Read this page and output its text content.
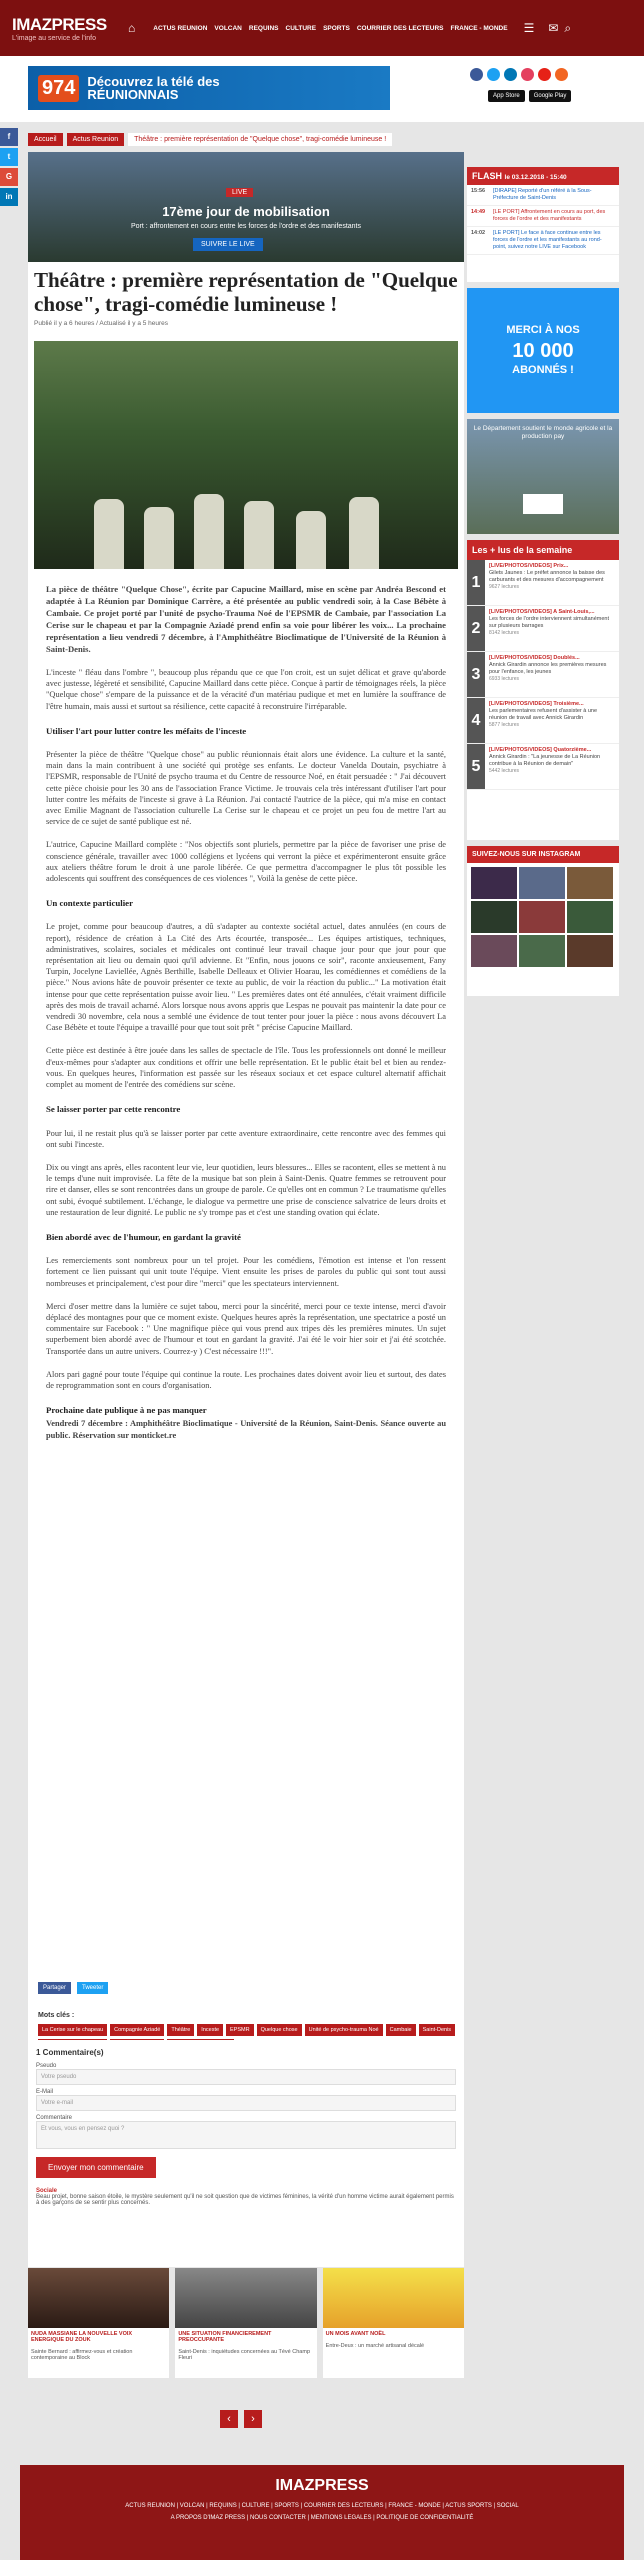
IMAZPRESS
L'image au service de l'info
⌂	ACTUS REUNION VOLCAN REQUINS CULTURE SPORTS COURRIER DES LECTEURS FRANCE - MONDE ☰ ✉ ⌕
974 Découvrez la télé des
RÉUNIONNAIS	App Store	Google Play
f
t
G
in
Accueil	Actus Reunion	Théâtre : première représentation de "Quelque chose", tragi-comédie lumineuse !
LIVE
17ème jour de mobilisation
Port : affrontement en cours entre les forces de l'ordre et des manifestants
SUIVRE LE LIVE
Théâtre : première représentation de "Quelque chose", tragi-comédie lumineuse !
Publié il y a 6 heures / Actualisé il y a 5 heures
La pièce de théâtre "Quelque Chose", écrite par Capucine Maillard, mise en scène par Andréa Bescond et adaptée à La Réunion par Dominique Carrère, a été présentée au public vendredi soir, à la Case Bébète à Cambaie. Ce projet porté par l'unité de psycho-Trauma Noé de l'EPSMR de Cambaie, par l'association La Cerise sur le chapeau et par la Compagnie Aziadé prend enfin sa voie pour libérer les voix... La prochaine représentation a lieu vendredi 7 décembre, à l'Amphithéâtre Bioclimatique de l'Université de la Réunion à Saint-Denis.

L'inceste " fléau dans l'ombre ", beaucoup plus répandu que ce que l'on croit, est un sujet délicat et grave qu'aborde avec justesse, légèreté et sensibilité, Capucine Maillard dans cette pièce. Conçue à partir de témoignages réels, la pièce "Quelque chose" s'empare de la puissance et de la véracité d'un matériau pudique et met en lumière la souffrance de l'être humain, mais aussi et surtout sa résilience, cette capacité à reconstruire l'irréparable.

Utiliser l'art pour lutter contre les méfaits de l'inceste

Présenter la pièce de théâtre "Quelque chose" au public réunionnais était alors une évidence. La culture et la santé, main dans la main contribuent à une société qui protège ses enfants. Le docteur Vanelda Doutain, psychiatre à l'EPSMR, responsable de l'Unité de psycho trauma et du Centre de ressource Noé, en était persuadée : " J'ai découvert cette pièce choisie pour les 30 ans de l'association France Victime. Je trouvais cela très intéressant d'utiliser l'art pour lutter contre les méfaits de l'inceste si grave à La Réunion. J'ai contacté l'autrice de la pièce, qui m'a mise en contact avec Emilie Magnant de l'association culturelle La Cerise sur le chapeau et ce projet un peu fou de mettre l'art au service de ce sujet de santé publique est né.

L'autrice, Capucine Maillard complète : "Nos objectifs sont pluriels, permettre par la pièce de favoriser une prise de conscience générale, travailler avec 1000 collégiens et lycéens qui verront la pièce et expérimenteront ensuite grâce aux ateliers théâtre forum le droit à une parole libérée. Ce que permettra d'accompagner le plus tôt possible les adolescents qui souffrent des conséquences de ces violences ", Voilà la genèse de cette pièce.

Un contexte particulier

Le projet, comme pour beaucoup d'autres, a dû s'adapter au contexte sociétal actuel, dates annulées (en cours de report), résidence de création à La Cité des Arts écourtée, transposée... Les équipes artistiques, techniques, administratives, scolaires, sociales et médicales ont continué leur travail chaque jour pour que jour pour que représentation ait lieu ou demain quoi qu'il advienne. Et "Enfin, nous jouons ce soir", raconte anxieusement, Fany Turpin, Jocelyne Laviellée, Agnès Berthille, Isabelle Delleaux et Olivier Hoarau, les comédiennes et comédiens de la pièce." Nous avions hâte de pouvoir présenter ce texte au public, de voir la réaction du public..." La motivation était intense pour que cette représentation puisse avoir lieu. " Les premières dates ont été annulées, c'était vraiment difficile après des mois de travail acharné. Alors lorsque nous avons appris que Lespas ne pouvait pas maintenir la date pour ce vendredi 30 novembre, cela nous a semblé une évidence de tout tenter pour jouer la pièce : nous avons découvert La Case Bébète et toute l'équipe a travaillé pour que tout soit prêt " précise Capucine Maillard.

Cette pièce est destinée à être jouée dans les salles de spectacle de l'île. Tous les professionnels ont donné le meilleur d'eux-mêmes pour s'adapter aux conditions et offrir une belle représentation. Et le public était bel et bien au rendez-vous. En quelques heures, l'information est passée sur les réseaux sociaux et cet espace culturel alternatif affichait complet au moment de l'entrée des comédiens sur scène.

Se laisser porter par cette rencontre

Pour lui, il ne restait plus qu'à se laisser porter par cette aventure extraordinaire, cette rencontre avec des femmes qui ont subi l'inceste.

Dix ou vingt ans après, elles racontent leur vie, leur quotidien, leurs blessures... Elles se racontent, elles se mettent à nu le temps d'une nuit improvisée. La fête de la musique bat son plein à Saint-Denis. Quatre femmes se retrouvent pour rire et danser, elles se sont rencontrées dans un groupe de parole. Ce qu'elles ont en commun ? Le traumatisme qu'elles ont subi, évoqué subtilement. L'échange, le dialogue va permettre une prise de conscience salvatrice de leurs droits et une restauration de leur dignité. Le public ne s'y trompe pas et c'est une standing ovation qui éclate.

Bien abordé avec de l'humour, en gardant la gravité

Les remerciements sont nombreux pour un tel projet. Pour les comédiens, l'émotion est intense et l'on ressent fortement ce lien puissant qui unit toute l'équipe. Vient ensuite les prises de paroles du public qui sont tout aussi nombreuses et principalement, c'est pour dire "merci" que les spectateurs interviennent.

Merci d'oser mettre dans la lumière ce sujet tabou, merci pour la sincérité, merci pour ce texte intense, merci d'avoir déplacé des montagnes pour que ce moment existe. Quelques heures après la représentation, une spectatrice a posté un commentaire sur Facebook : " Une magnifique pièce qui vous prend aux tripes dès les premières minutes. Un sujet superbement bien abordé avec de l'humour et tout en gardant la gravité. J'ai été le voir hier soir et j'ai été scotchée. Transportée dans un autre univers. Courrez-y ) C'est nécessaire !!!".

Alors pari gagné pour toute l'équipe qui continue la route. Les prochaines dates doivent avoir lieu et surtout, des dates de reprogrammation sont en cours d'organisation.

Prochaine date publique à ne pas manquer

Vendredi 7 décembre : Amphithéâtre Bioclimatique - Université de la Réunion, Saint-Denis. Séance ouverte au public. Réservation sur monticket.re

Partager	Tweeter
Mots clés :
La Cerise sur le chapeau	Compagnie Aziadé	Théâtre	Inceste	EPSMR	Quelque chose	Unité de psycho-trauma Noé	Cambaie	Saint-Denis
1 Commentaire(s)
Pseudo
Votre pseudo
E-Mail
Votre e-mail
Commentaire
Et vous, vous en pensez quoi ?
Envoyer mon commentaire
Sociale
Beau projet, bonne saison étoile, le mystère seulement qu'il ne soit question que de victimes féminines, la vérité d'un homme victime aurait également permis à des garçons de se sentir plus concernés.
NUDA MASSIANE LA NOUVELLE VOIX ENERGIQUE DU ZOUK
Sainte Bernard : affirmez-vous et création contemporaine au Block
UNE SITUATION FINANCIEREMENT PREOCCUPANTE
Saint-Denis : inquiétudes concernées au Tévé Champ Fleuri
UN MOIS AVANT NOËL
Entre-Deux : un marché artisanal décalé
‹	›
IMAZPRESS
ACTUS REUNION | VOLCAN | REQUINS | CULTURE | SPORTS | COURRIER DES LECTEURS | FRANCE - MONDE | ACTUS SPORTS | SOCIAL
A PROPOS D'IMAZ PRESS | NOUS CONTACTER | MENTIONS LEGALES | POLITIQUE DE CONFIDENTIALITÉ
FLASH le 03.12.2018 - 15:40
15:56	[DIRAPE] Reporté d'un référé à la Sous-Préfecture de Saint-Denis
14:49	[LE PORT] Affrontement en cours au port, des forces de l'ordre et des manifestants
14:02	[LE PORT] Le face à face continue entre les forces de l'ordre et les manifestants au rond-point, suivez notre LIVE sur Facebook
MERCI À NOS
10 000
ABONNÉS !
Le Département soutient le monde agricole et la production pay
Les + lus de la semaine
1
[LIVE/PHOTOS/VIDEOS] Prix...
Gilets Jaunes : Le préfet annonce la baisse des carburants et des mesures d'accompagnement
9627 lectures
2
[LIVE/PHOTOS/VIDEOS] A Saint-Louis,...
Les forces de l'ordre interviennent simultanément sur plusieurs barrages
8142 lectures
3
[LIVE/PHOTOS/VIDEOS] Doublés...
Annick Girardin annonce les premières mesures pour l'enfance, les jeunes
6933 lectures
4
[LIVE/PHOTOS/VIDEOS] Troisième...
Les parlementaires refusent d'assister à une réunion de travail avec Annick Girardin
5877 lectures
5
[LIVE/PHOTOS/VIDEOS] Quatorzième...
Annick Girardin : "La jeunesse de La Réunion contribue à la Réunion de demain"
5442 lectures
SUIVEZ-NOUS SUR INSTAGRAM
